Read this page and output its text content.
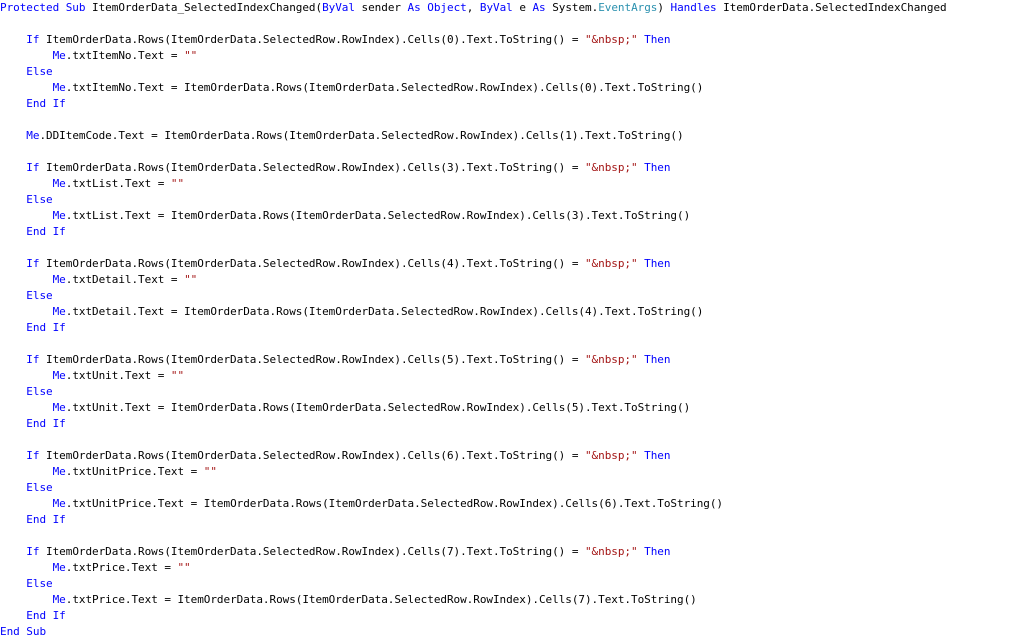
Protected Sub ItemOrderData_SelectedIndexChanged(ByVal sender As Object, ByVal e As System.EventArgs) Handles ItemOrderData.SelectedIndexChanged
If ItemOrderData.Rows(ItemOrderData.SelectedRow.RowIndex).Cells(0).Text.ToString() = "&nbsp;" Then
Me.txtItemNo.Text = ""
Else
Me.txtItemNo.Text = ItemOrderData.Rows(ItemOrderData.SelectedRow.RowIndex).Cells(0).Text.ToString()
End If
Me.DDItemCode.Text = ItemOrderData.Rows(ItemOrderData.SelectedRow.RowIndex).Cells(1).Text.ToString()
If ItemOrderData.Rows(ItemOrderData.SelectedRow.RowIndex).Cells(3).Text.ToString() = "&nbsp;" Then
Me.txtList.Text = ""
Else
Me.txtList.Text = ItemOrderData.Rows(ItemOrderData.SelectedRow.RowIndex).Cells(3).Text.ToString()
End If
If ItemOrderData.Rows(ItemOrderData.SelectedRow.RowIndex).Cells(4).Text.ToString() = "&nbsp;" Then
Me.txtDetail.Text = ""
Else
Me.txtDetail.Text = ItemOrderData.Rows(ItemOrderData.SelectedRow.RowIndex).Cells(4).Text.ToString()
End If
If ItemOrderData.Rows(ItemOrderData.SelectedRow.RowIndex).Cells(5).Text.ToString() = "&nbsp;" Then
Me.txtUnit.Text = ""
Else
Me.txtUnit.Text = ItemOrderData.Rows(ItemOrderData.SelectedRow.RowIndex).Cells(5).Text.ToString()
End If
If ItemOrderData.Rows(ItemOrderData.SelectedRow.RowIndex).Cells(6).Text.ToString() = "&nbsp;" Then
Me.txtUnitPrice.Text = ""
Else
Me.txtUnitPrice.Text = ItemOrderData.Rows(ItemOrderData.SelectedRow.RowIndex).Cells(6).Text.ToString()
End If
If ItemOrderData.Rows(ItemOrderData.SelectedRow.RowIndex).Cells(7).Text.ToString() = "&nbsp;" Then
Me.txtPrice.Text = ""
Else
Me.txtPrice.Text = ItemOrderData.Rows(ItemOrderData.SelectedRow.RowIndex).Cells(7).Text.ToString()
End If
End Sub
